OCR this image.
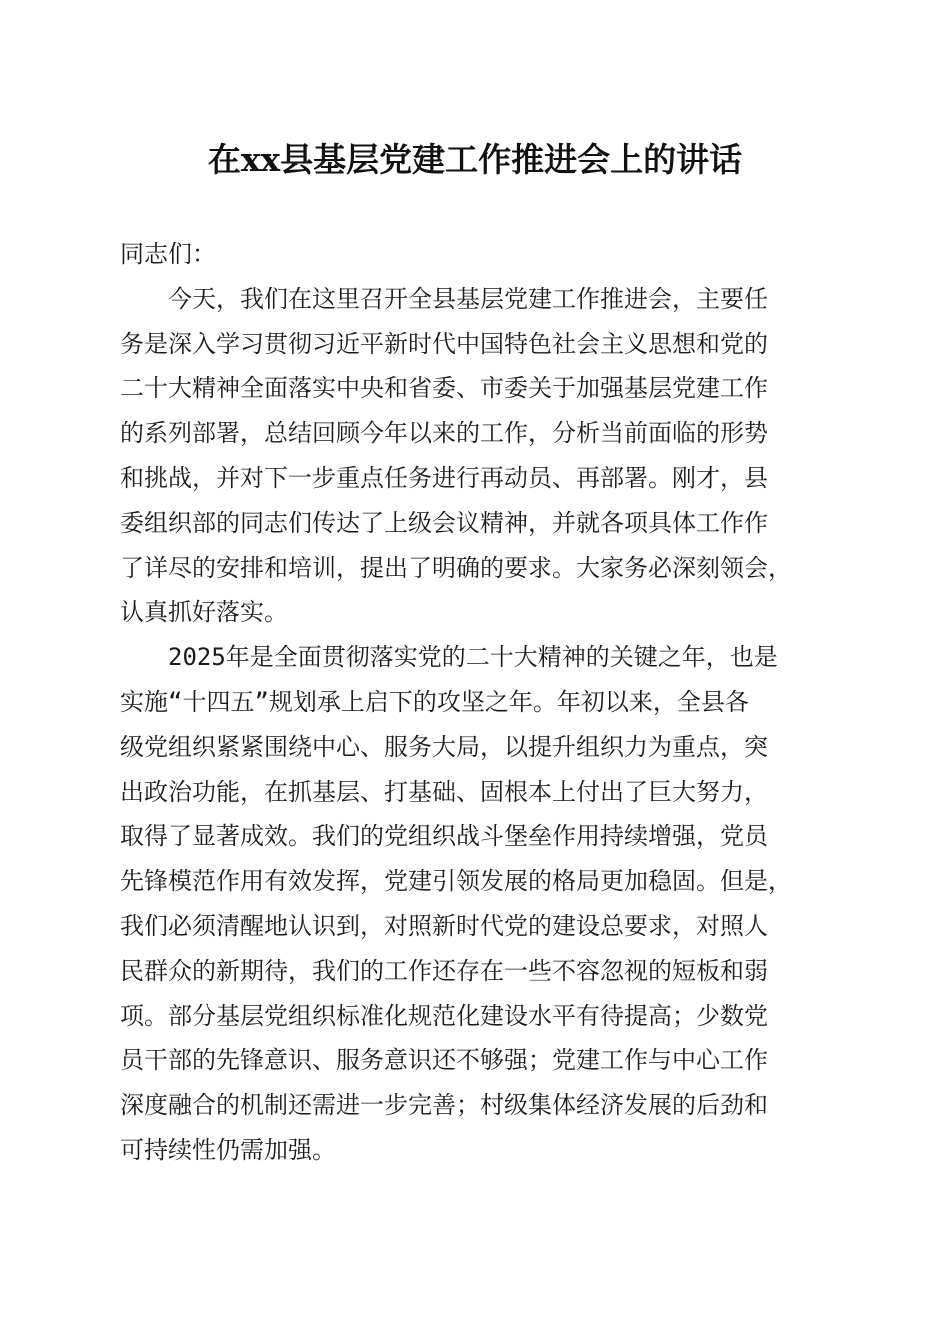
在xx县基层党建工作推进会上的讲话

同志们：

今天，我们在这里召开全县基层党建工作推进会，主要任
务是深入学习贯彻习近平新时代中国特色社会主义思想和党的
二十大精神全面落实中央和省委、市委关于加强基层党建工作
的系列部署，总结回顾今年以来的工作，分析当前面临的形势
和挑战，并对下一步重点任务进行再动员、再部署。刚才，县
委组织部的同志们传达了上级会议精神，并就各项具体工作作
了详尽的安排和培训，提出了明确的要求。大家务必深刻领会，
认真抓好落实。

2025年是全面贯彻落实党的二十大精神的关键之年，也是
实施“十四五”规划承上启下的攻坚之年。年初以来，全县各
级党组织紧紧围绕中心、服务大局，以提升组织力为重点，突
出政治功能，在抓基层、打基础、固根本上付出了巨大努力，
取得了显著成效。我们的党组织战斗堡垒作用持续增强，党员
先锋模范作用有效发挥，党建引领发展的格局更加稳固。但是，
我们必须清醒地认识到，对照新时代党的建设总要求，对照人
民群众的新期待，我们的工作还存在一些不容忽视的短板和弱
项。部分基层党组织标准化规范化建设水平有待提高；少数党
员干部的先锋意识、服务意识还不够强；党建工作与中心工作
深度融合的机制还需进一步完善；村级集体经济发展的后劲和
可持续性仍需加强。
